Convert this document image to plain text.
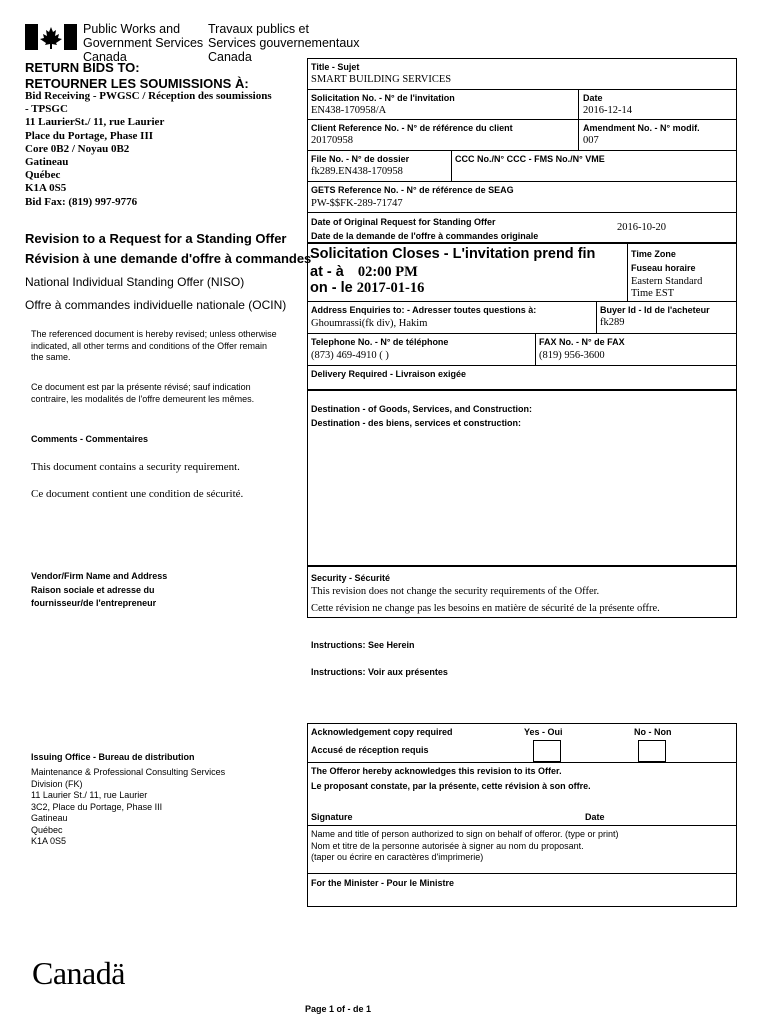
Public Works and
Government Services
Canada
Travaux publics et
Services gouvernementaux
Canada
RETURN BIDS TO:
RETOURNER LES SOUMISSIONS À:
Bid Receiving - PWGSC / Réception des soumissions
- TPSGC
11 LaurierSt./ 11, rue Laurier
Place du Portage, Phase III
Core 0B2 / Noyau 0B2
Gatineau
Québec
K1A 0S5
Bid Fax: (819) 997-9776
Revision to a Request for a Standing Offer
Révision à une demande d'offre à commandes
National Individual Standing Offer (NISO)
Offre à commandes individuelle nationale (OCIN)
The referenced document is hereby revised; unless otherwise indicated, all other terms and conditions of the Offer remain the same.
Ce document est par la présente révisé; sauf indication contraire, les modalités de l'offre demeurent les mêmes.
Comments - Commentaires
This document contains a security requirement.
Ce document contient une condition de sécurité.
Vendor/Firm Name and Address
Raison sociale et adresse du
fournisseur/de l'entrepreneur
Issuing Office - Bureau de distribution
Maintenance & Professional Consulting Services
Division (FK)
11 Laurier St./ 11, rue Laurier
3C2, Place du Portage, Phase III
Gatineau
Québec
K1A 0S5
Title - Sujet
SMART BUILDING SERVICES
Solicitation No. - N° de l'invitation
EN438-170958/A
Date
2016-12-14
Client Reference No. - N° de référence du client
20170958
Amendment No. - N° modif.
007
File No. - N° de dossier
fk289.EN438-170958
CCC No./N° CCC - FMS No./N° VME
GETS Reference No. - N° de référence de SEAG
PW-$$FK-289-71747
Date of Original Request for Standing Offer
Date de la demande de l'offre à commandes originale
2016-10-20
Solicitation Closes - L'invitation prend fin
at - à 02:00 PM
on - le 2017-01-16
Time Zone
Fuseau horaire
Eastern Standard
Time EST
Address Enquiries to: - Adresser toutes questions à:
Ghoumrassi(fk div), Hakim
Buyer Id - Id de l'acheteur
fk289
Telephone No. - N° de téléphone
(873) 469-4910 ( )
FAX No. - N° de FAX
(819) 956-3600
Delivery Required - Livraison exigée
Destination - of Goods, Services, and Construction:
Destination - des biens, services et construction:
Security - Sécurité
This revision does not change the security requirements of the Offer.
Cette révision ne change pas les besoins en matière de sécurité de la présente offre.
Instructions: See Herein
Instructions: Voir aux présentes
Acknowledgement copy required
Accusé de réception requis
Yes - Oui	No - Non
The Offeror hereby acknowledges this revision to its Offer.
Le proposant constate, par la présente, cette révision à son offre.
Signature	Date
Name and title of person authorized to sign on behalf of offeror. (type or print)
Nom et titre de la personne autorisée à signer au nom du proposant.
(taper ou écrire en caractères d'imprimerie)
For the Minister - Pour le Ministre
Canadä
Page 1 of - de 1
